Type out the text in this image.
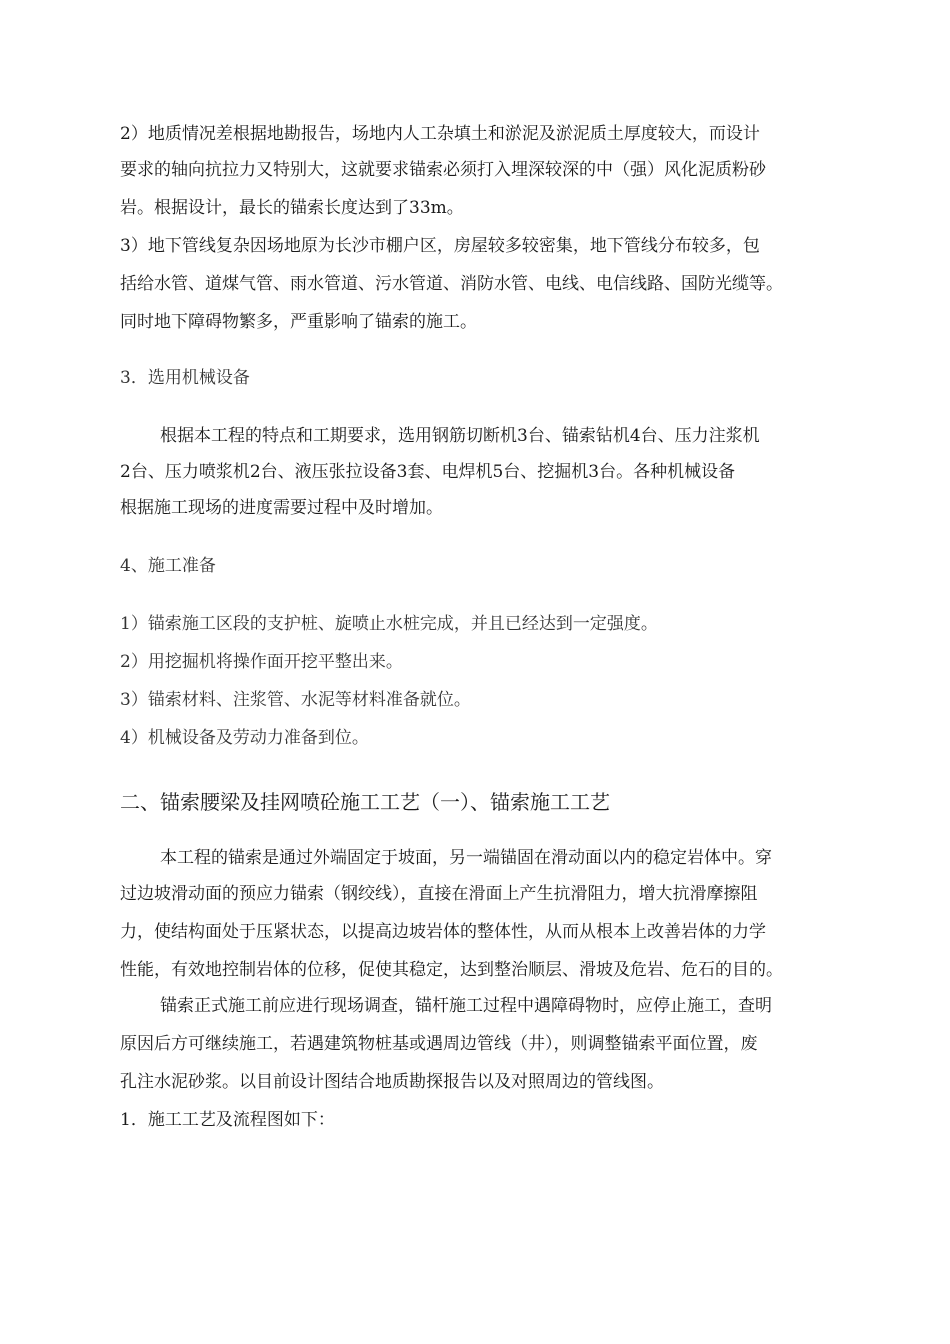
2）地质情况差根据地勘报告，场地内人工杂填土和淤泥及淤泥质土厚度较大，而设计
要求的轴向抗拉力又特别大，这就要求锚索必须打入埋深较深的中（强）风化泥质粉砂
岩。根据设计，最长的锚索长度达到了33m。
3）地下管线复杂因场地原为长沙市棚户区，房屋较多较密集，地下管线分布较多，包
括给水管、道煤气管、雨水管道、污水管道、消防水管、电线、电信线路、国防光缆等。
同时地下障碍物繁多，严重影响了锚索的施工。
3．选用机械设备
根据本工程的特点和工期要求，选用钢筋切断机3台、锚索钻机4台、压力注浆机
2台、压力喷浆机2台、液压张拉设备3套、电焊机5台、挖掘机3台。各种机械设备
根据施工现场的进度需要过程中及时增加。
4、施工准备
1）锚索施工区段的支护桩、旋喷止水桩完成，并且已经达到一定强度。
2）用挖掘机将操作面开挖平整出来。
3）锚索材料、注浆管、水泥等材料准备就位。
4）机械设备及劳动力准备到位。
二、锚索腰梁及挂网喷砼施工工艺（一）、锚索施工工艺
本工程的锚索是通过外端固定于坡面，另一端锚固在滑动面以内的稳定岩体中。穿
过边坡滑动面的预应力锚索（钢绞线），直接在滑面上产生抗滑阻力，增大抗滑摩擦阻
力，使结构面处于压紧状态，以提高边坡岩体的整体性，从而从根本上改善岩体的力学
性能，有效地控制岩体的位移，促使其稳定，达到整治顺层、滑坡及危岩、危石的目的。
锚索正式施工前应进行现场调查，锚杆施工过程中遇障碍物时，应停止施工，查明
原因后方可继续施工，若遇建筑物桩基或遇周边管线（井），则调整锚索平面位置，废
孔注水泥砂浆。以目前设计图结合地质勘探报告以及对照周边的管线图。
1．施工工艺及流程图如下：
